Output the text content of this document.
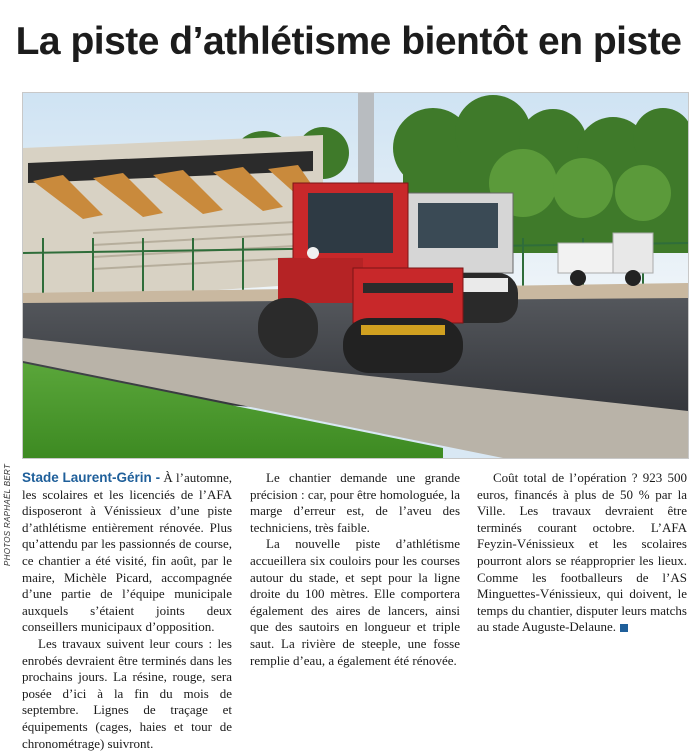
La piste d’athlétisme bientôt en piste
PHOTOS RAPHAËL BERT Stade Laurent-Gérin - À l’automne, les scolaires et les licenciés de l’AFA disposeront à Vénissieux d’une piste d’athlétisme entièrement rénovée. Plus qu’attendu par les passionnés de course, ce chantier a été visité, fin août, par le maire, Michèle Picard, accompagnée d’une partie de l’équipe municipale auxquels s’étaient joints deux conseillers municipaux d’opposition.

Les travaux suivent leur cours : les enrobés devraient être terminés dans les prochains jours. La résine, rouge, sera posée d’ici à la fin du mois de septembre. Lignes de traçage et équipements (cages, haies et tour de chronométrage) suivront.

Le chantier demande une grande précision : car, pour être homologuée, la marge d’erreur est, de l’aveu des techniciens, très faible.

La nouvelle piste d’athlétisme accueillera six couloirs pour les courses autour du stade, et sept pour la ligne droite du 100 mètres. Elle comportera également des aires de lancers, ainsi que des sautoirs en longueur et triple saut. La rivière de steeple, une fosse remplie d’eau, a également été rénovée.

Coût total de l’opération ? 923 500 euros, financés à plus de 50 % par la Ville. Les travaux devraient être terminés courant octobre. L’AFA Feyzin-Vénissieux et les scolaires pourront alors se réapproprier les lieux. Comme les footballeurs de l’AS Minguettes-Vénissieux, qui doivent, le temps du chantier, disputer leurs matchs au stade Auguste-Delaune.
